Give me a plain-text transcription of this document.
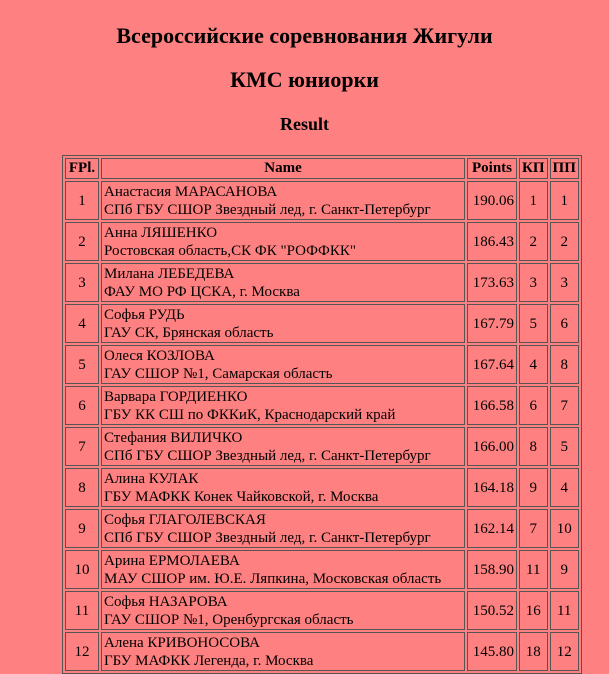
Всероссийские соревнования Жигули
КМС юниорки
Result
FPl.	Name	Points	КП	ПП
1	Анастасия МАРАСАНОВА
СПб ГБУ СШОР Звездный лед, г. Санкт-Петербург	190.06	1	1
2	Анна ЛЯШЕНКО
Ростовская область,СК ФК "РОФФКК"	186.43	2	2
3	Милана ЛЕБЕДЕВА
ФАУ МО РФ ЦСКА, г. Москва	173.63	3	3
4	Софья РУДЬ
ГАУ СК, Брянская область	167.79	5	6
5	Олеся КОЗЛОВА
ГАУ СШОР №1, Самарская область	167.64	4	8
6	Варвара ГОРДИЕНКО
ГБУ КК СШ по ФККиК, Краснодарский край	166.58	6	7
7	Стефания ВИЛИЧКО
СПб ГБУ СШОР Звездный лед, г. Санкт-Петербург	166.00	8	5
8	Алина КУЛАК
ГБУ МАФКК Конек Чайковской, г. Москва	164.18	9	4
9	Софья ГЛАГОЛЕВСКАЯ
СПб ГБУ СШОР Звездный лед, г. Санкт-Петербург	162.14	7	10
10	Арина ЕРМОЛАЕВА
МАУ СШОР им. Ю.Е. Ляпкина, Московская область	158.90	11	9
11	Софья НАЗАРОВА
ГАУ СШОР №1, Оренбургская область	150.52	16	11
12	Алена КРИВОНОСОВА
ГБУ МАФКК Легенда, г. Москва	145.80	18	12
